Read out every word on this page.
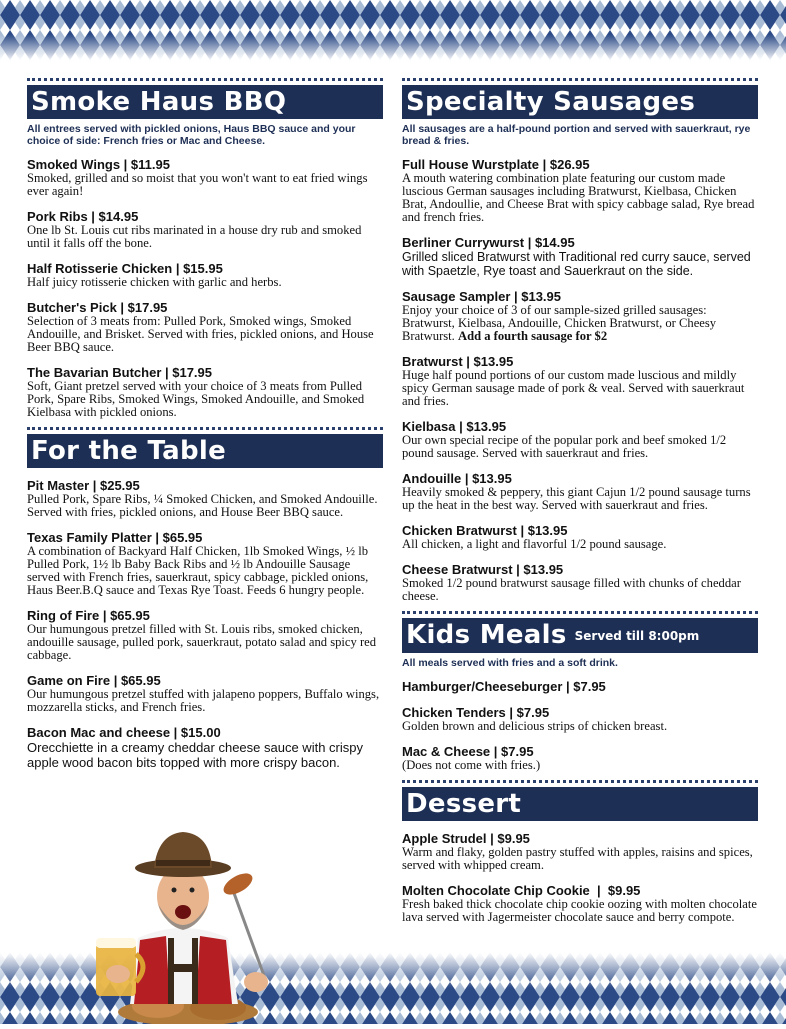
Smoke Haus BBQ
All entrees served with pickled onions, Haus BBQ sauce and your choice of side: French fries or Mac and Cheese.
Smoked Wings | $11.95
Smoked, grilled and so moist that you won't want to eat fried wings ever again!
Pork Ribs | $14.95
One lb St. Louis cut ribs marinated in a house dry rub and smoked until it falls off the bone.
Half Rotisserie Chicken | $15.95
Half juicy rotisserie chicken with garlic and herbs.
Butcher's Pick | $17.95
Selection of 3 meats from: Pulled Pork, Smoked wings, Smoked Andouille, and Brisket. Served with fries, pickled onions, and House Beer BBQ sauce.
The Bavarian Butcher | $17.95
Soft, Giant pretzel served with your choice of 3 meats from Pulled Pork, Spare Ribs, Smoked Wings, Smoked Andouille, and Smoked Kielbasa with pickled onions.
For the Table
Pit Master | $25.95
Pulled Pork, Spare Ribs, ¼ Smoked Chicken, and Smoked Andouille. Served with fries, pickled onions, and House Beer BBQ sauce.
Texas Family Platter | $65.95
A combination of Backyard Half Chicken, 1lb Smoked Wings, ½ lb Pulled Pork, 1½ lb Baby Back Ribs and ½ lb Andouille Sausage served with French fries, sauerkraut, spicy cabbage, pickled onions, Haus Beer.B.Q sauce and Texas Rye Toast. Feeds 6 hungry people.
Ring of Fire | $65.95
Our humungous pretzel filled with St. Louis ribs, smoked chicken, andouille sausage, pulled pork, sauerkraut, potato salad and spicy red cabbage.
Game on Fire | $65.95
Our humungous pretzel stuffed with jalapeno poppers, Buffalo wings, mozzarella sticks, and French fries.
Bacon Mac and cheese | $15.00
Orecchiette in a creamy cheddar cheese sauce with crispy apple wood bacon bits topped with more crispy bacon.
Specialty Sausages
All sausages are a half-pound portion and served with sauerkraut, rye bread & fries.
Full House Wurstplate | $26.95
A mouth watering combination plate featuring our custom made luscious German sausages including Bratwurst, Kielbasa, Chicken Brat, Andoullie, and Cheese Brat with spicy cabbage salad, Rye bread and french fries.
Berliner Currywurst | $14.95
Grilled sliced Bratwurst with Traditional red curry sauce, served with Spaetzle, Rye toast and Sauerkraut on the side.
Sausage Sampler | $13.95
Enjoy your choice of 3 of our sample-sized grilled sausages: Bratwurst, Kielbasa, Andouille, Chicken Bratwurst, or Cheesy Bratwurst. Add a fourth sausage for $2
Bratwurst | $13.95
Huge half pound portions of our custom made luscious and mildly spicy German sausage made of pork & veal. Served with sauerkraut and fries.
Kielbasa | $13.95
Our own special recipe of the popular pork and beef smoked 1/2 pound sausage. Served with sauerkraut and fries.
Andouille | $13.95
Heavily smoked & peppery, this giant Cajun 1/2 pound sausage turns up the heat in the best way. Served with sauerkraut and fries.
Chicken Bratwurst | $13.95
All chicken, a light and flavorful 1/2 pound sausage.
Cheese Bratwurst | $13.95
Smoked 1/2 pound bratwurst sausage filled with chunks of cheddar cheese.
Kids Meals Served till 8:00pm
All meals served with fries and a soft drink.
Hamburger/Cheeseburger | $7.95
Chicken Tenders | $7.95
Golden brown and delicious strips of chicken breast.
Mac & Cheese | $7.95
(Does not come with fries.)
Dessert
Apple Strudel | $9.95
Warm and flaky, golden pastry stuffed with apples, raisins and spices, served with whipped cream.
Molten Chocolate Chip Cookie  |  $9.95
Fresh baked thick chocolate chip cookie oozing with molten chocolate lava served with Jagermeister chocolate sauce and berry compote.
